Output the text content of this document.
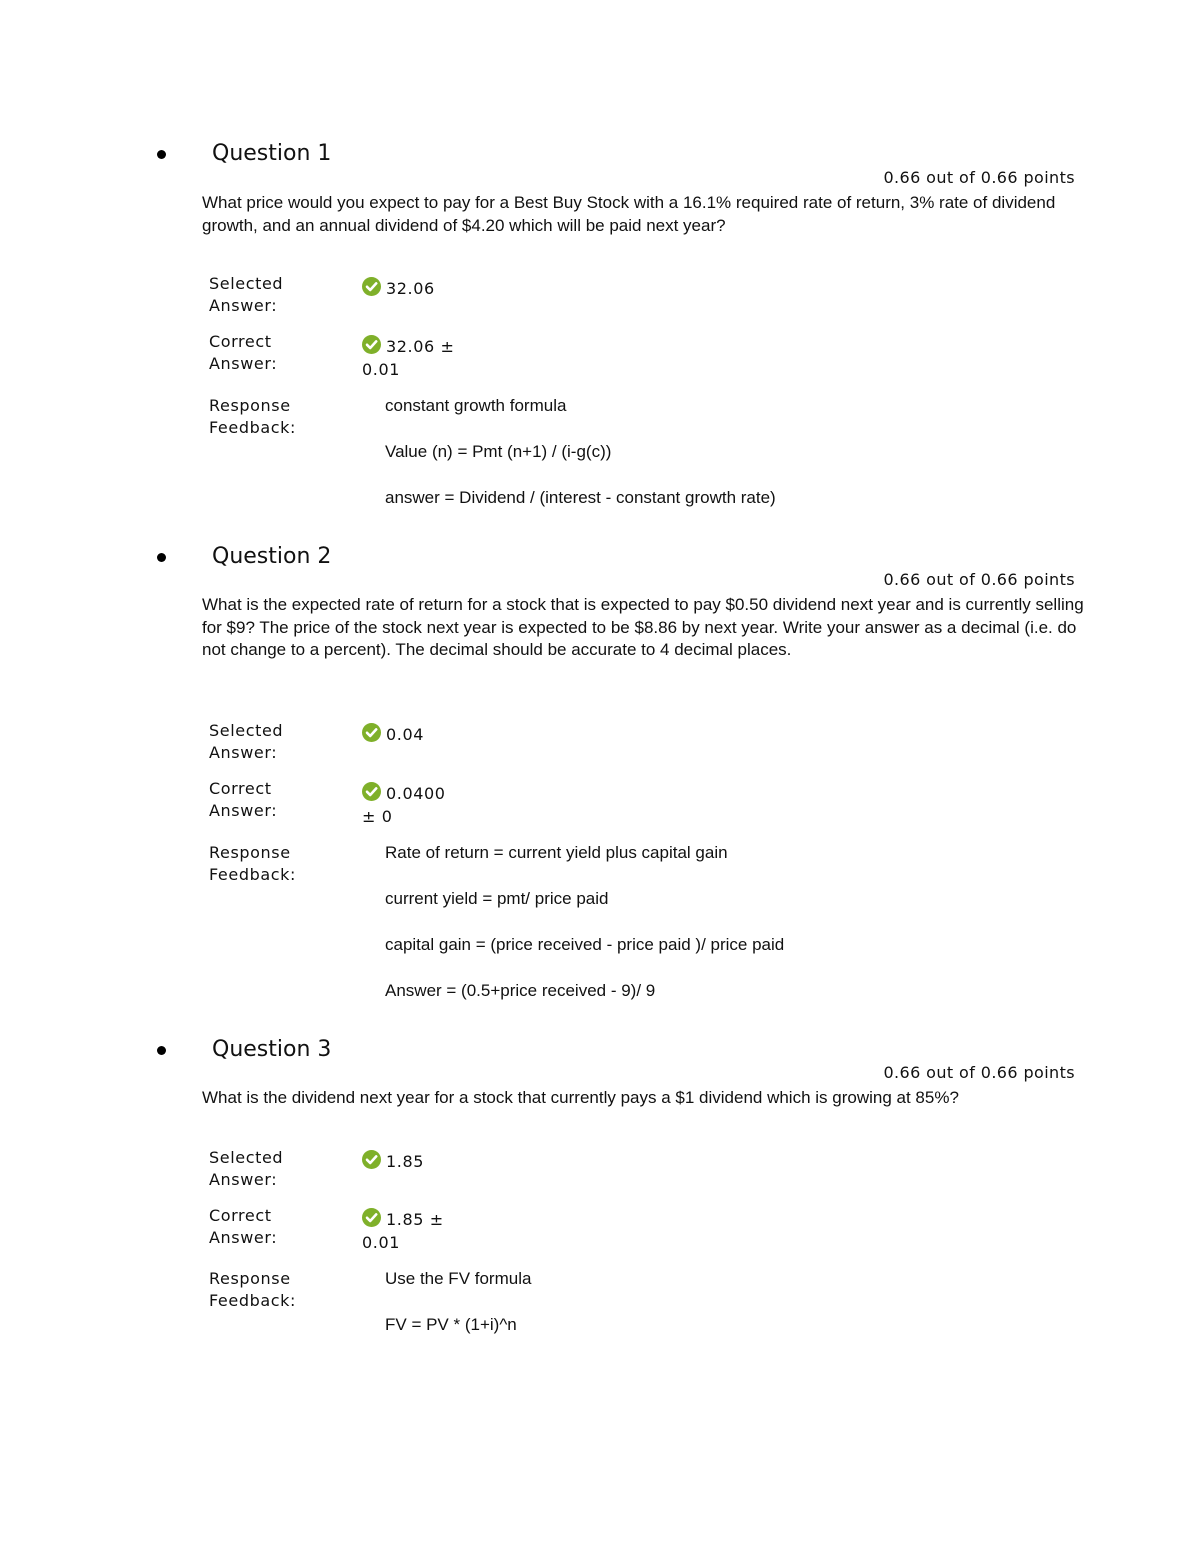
Question 1
0.66 out of 0.66 points

What price would you expect to pay for a Best Buy Stock with a 16.1% required rate of return, 3% rate of dividend growth, and an annual dividend of $4.20 which will be paid next year?

Selected
Answer:
32.06
Correct
Answer:
32.06 ±
0.01
Response
Feedback:

constant growth formula

Value (n) = Pmt (n+1) / (i-g(c))

answer = Dividend / (interest - constant growth rate)

Question 2
0.66 out of 0.66 points

What is the expected rate of return for a stock that is expected to pay $0.50 dividend next year and is currently selling for $9? The price of the stock next year is expected to be $8.86 by next year. Write your answer as a decimal (i.e. do not change to a percent). The decimal should be accurate to 4 decimal places.

Selected
Answer:
0.04
Correct
Answer:
0.0400
± 0
Response
Feedback:

Rate of return = current yield plus capital gain

current yield = pmt/ price paid

capital gain = (price received - price paid )/ price paid

Answer = (0.5+price received - 9)/ 9

Question 3
0.66 out of 0.66 points

What is the dividend next year for a stock that currently pays a $1 dividend which is growing at 85%?

Selected
Answer:
1.85
Correct
Answer:
1.85 ±
0.01
Response
Feedback:

Use the FV formula

FV = PV * (1+i)^n
